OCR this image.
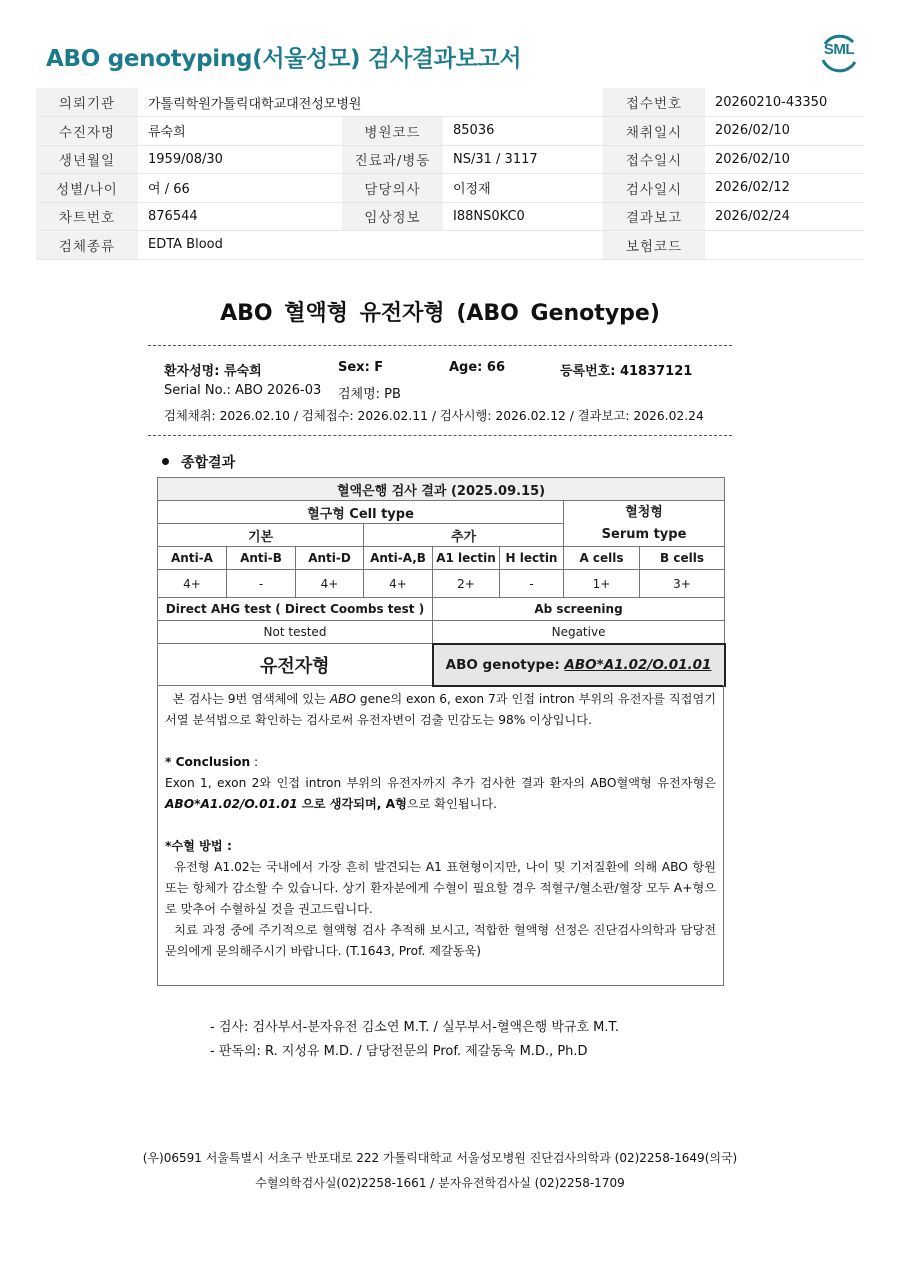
ABO genotyping(서울성모) 검사결과보고서	SML
의뢰기관	가톨릭학원가톨릭대학교대전성모병원			접수번호	20260210-43350
수진자명	류숙희	병원코드	85036	채취일시	2026/02/10
생년월일	1959/08/30	진료과/병동	NS/31 / 3117	접수일시	2026/02/10
성별/나이	여 / 66	담당의사	이정재	검사일시	2026/02/12
차트번호	876544	임상정보	I88NS0KC0	결과보고	2026/02/24
검체종류	EDTA Blood			보험코드	
ABO 혈액형 유전자형 (ABO Genotype)
환자성명: 류숙희	Sex: F	Age: 66	등록번호: 41837121
Serial No.: ABO 2026-03 검체명: PB
검체채취: 2026.02.10 / 검체접수: 2026.02.11 / 검사시행: 2026.02.12 / 결과보고: 2026.02.24
종합결과
혈액은행 검사 결과 (2025.09.15)							
혈구형 Cell type						혈청형
Serum type	
기본			추가				
Anti-A	Anti-B	Anti-D	Anti-A,B	A1 lectin	H lectin	A cells	B cells
4+	-	4+	4+	2+	-	1+	3+
Direct AHG test ( Direct Coombs test )				Ab screening			
Not tested				Negative			
유전자형				ABO genotype: ABO*A1.02/O.01.01			

본 검사는 9번 염색체에 있는 ABO gene의 exon 6, exon 7과 인접 intron 부위의 유전자를 직접염기서열 분석법으로 확인하는 검사로써 유전자변이 검출 민감도는 98% 이상입니다.

* Conclusion :

Exon 1, exon 2와 인접 intron 부위의 유전자까지 추가 검사한 결과 환자의 ABO혈액형 유전자형은 ABO*A1.02/O.01.01 으로 생각되며, A형으로 확인됩니다.

*수혈 방법 :

유전형 A1.02는 국내에서 가장 흔히 발견되는 A1 표현형이지만, 나이 및 기저질환에 의해 ABO 항원 또는 항체가 감소할 수 있습니다. 상기 환자분에게 수혈이 필요할 경우 적혈구/혈소판/혈장 모두 A+형으로 맞추어 수혈하실 것을 권고드립니다.

치료 과정 중에 주기적으로 혈액형 검사 추적해 보시고, 적합한 혈액형 선정은 진단검사의학과 담당전문의에게 문의해주시기 바랍니다. (T.1643, Prof. 제갈동욱)

- 검사: 검사부서-분자유전 김소연 M.T. / 실무부서-혈액은행 박규호 M.T.
- 판독의: R. 지성유 M.D. / 담당전문의 Prof. 제갈동욱 M.D., Ph.D
(우)06591 서울특별시 서초구 반포대로 222 가톨릭대학교 서울성모병원 진단검사의학과 (02)2258-1649(의국)
수혈의학검사실(02)2258-1661 / 분자유전학검사실 (02)2258-1709
